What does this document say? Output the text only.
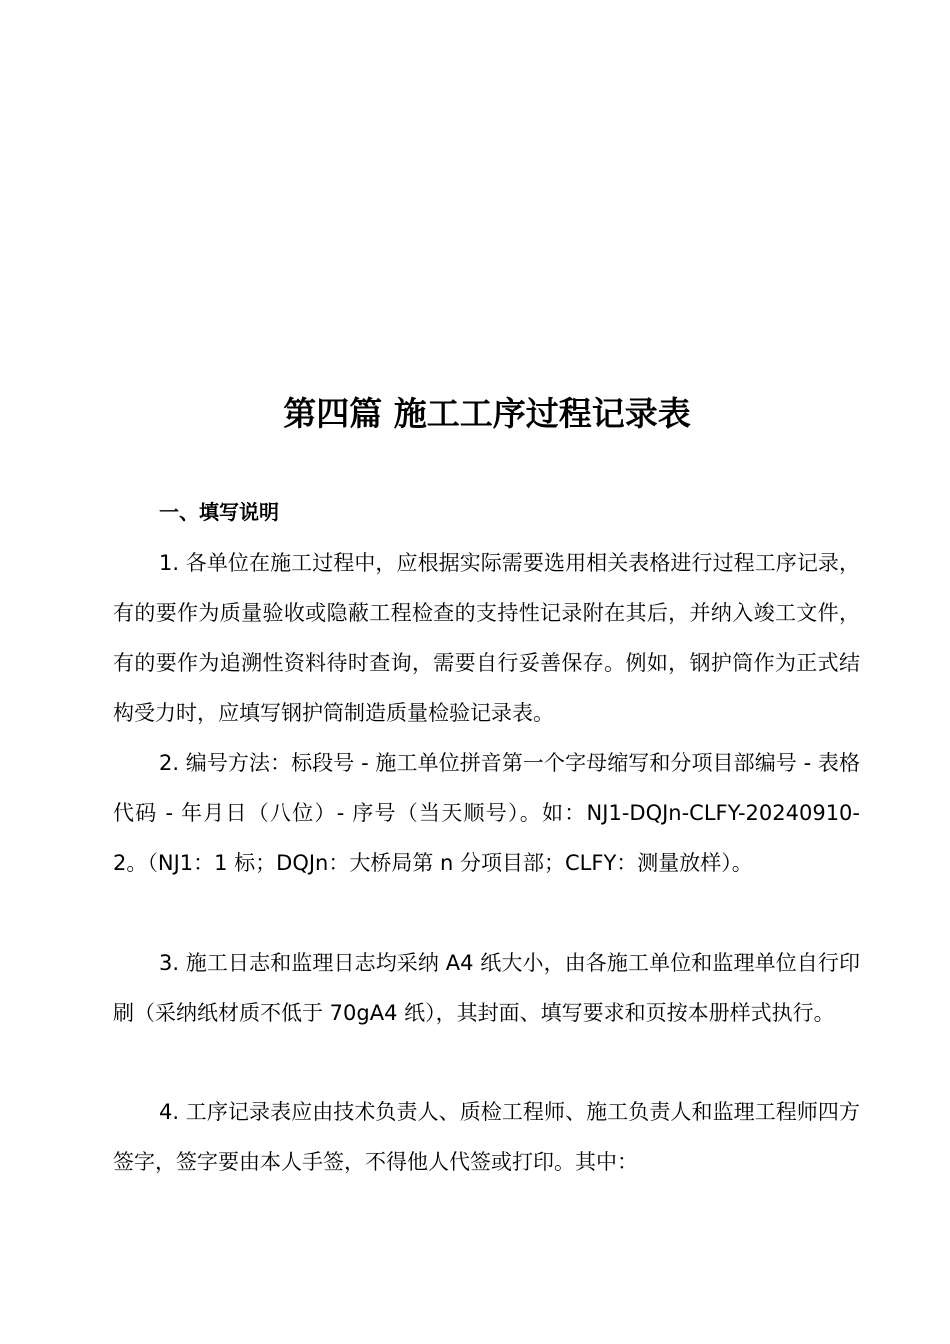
第四篇 施工工序过程记录表
一、填写说明

1. 各单位在施工过程中，应根据实际需要选用相关表格进行过程工序记录，有的要作为质量验收或隐蔽工程检查的支持性记录附在其后，并纳入竣工文件，有的要作为追溯性资料待时查询，需要自行妥善保存。例如，钢护筒作为正式结构受力时，应填写钢护筒制造质量检验记录表。

2. 编号方法：标段号 - 施工单位拼音第一个字母缩写和分项目部编号 - 表格代码 - 年月日（八位）- 序号（当天顺号）。如：NJ1-DQJn-CLFY-20240910-2。（NJ1：1 标；DQJn：大桥局第 n 分项目部；CLFY：测量放样）。

3. 施工日志和监理日志均采纳 A4 纸大小，由各施工单位和监理单位自行印刷（采纳纸材质不低于 70gA4 纸），其封面、填写要求和页按本册样式执行。

4. 工序记录表应由技术负责人、质检工程师、施工负责人和监理工程师四方签字，签字要由本人手签，不得他人代签或打印。其中：
